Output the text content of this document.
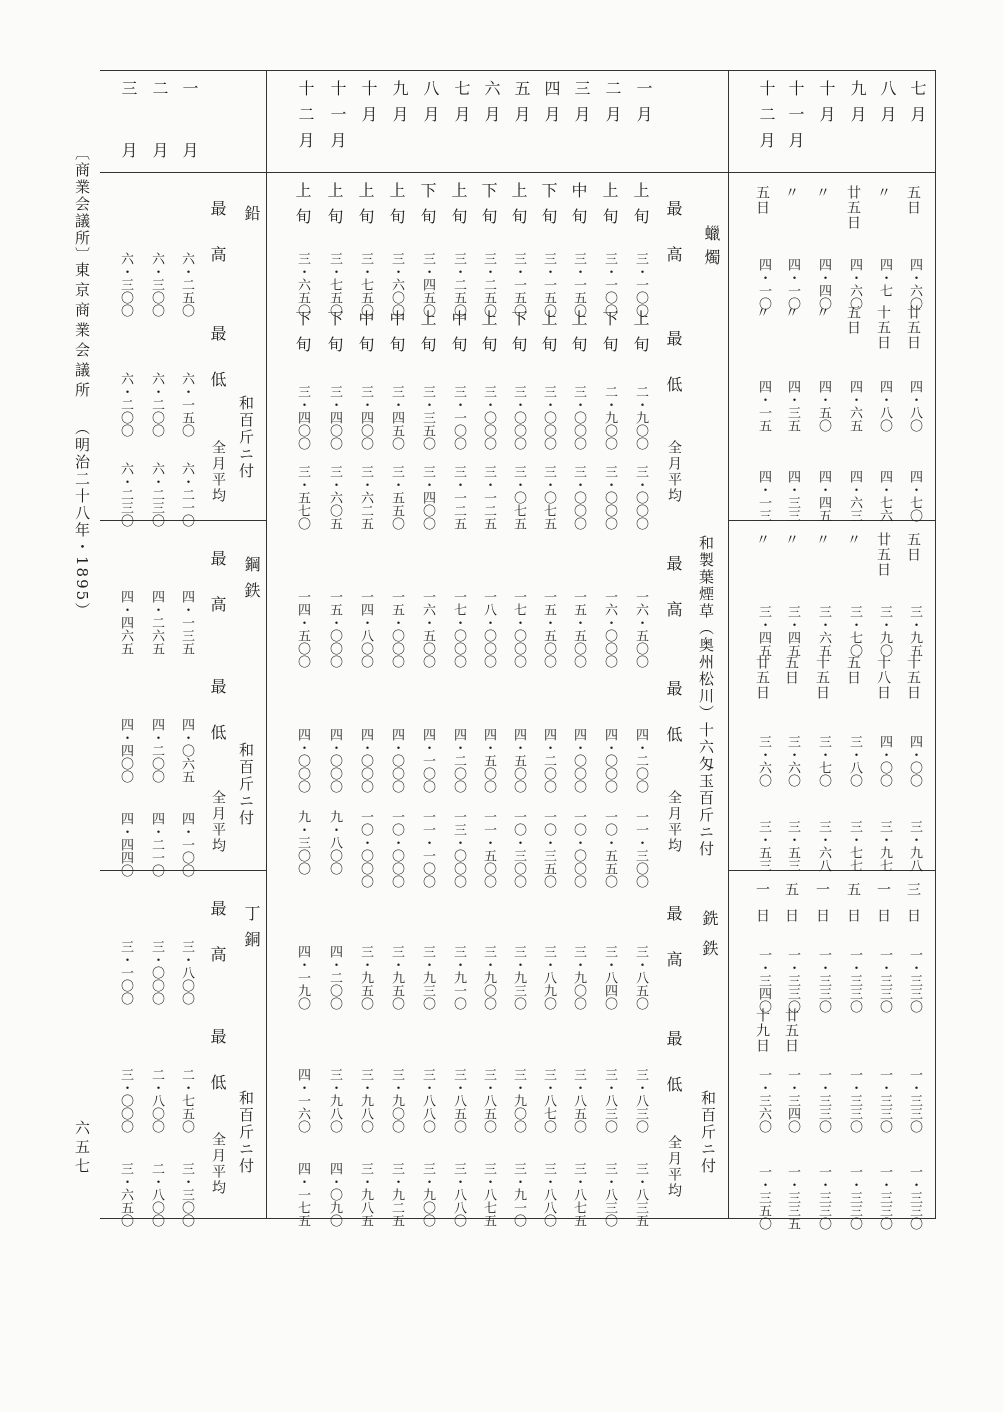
〔商業会議所〕
東京商業会議所
（明治二十八年・1895）
六五七
七月
五日
四・六〇
廿五日
四・八〇
四・七〇
五日
三・九五
十五日
四・〇〇
三・九八
三日
一・三三〇
一・三三〇
一・三三〇
八月
〃
四・七
十五日
四・八〇
四・七六
廿五日
三・九〇
十八日
四・〇〇
三・九七
一日
一・三三〇
一・三三〇
一・三三〇
九月
廿五日
四・六〇
五日
四・六五
四・六三
〃
三・七〇
五日
三・八〇
三・七七
五日
一・三三〇
一・三三〇
一・三三〇
十月
〃
四・四〇
〃
四・五〇
四・四五
〃
三・六五
十五日
三・七〇
三・六八
一日
一・三三〇
一・三三〇
一・三三〇
十一月
〃
四・一〇
〃
四・三五
四・三三
〃
三・四五
五日
三・六〇
三・五三
五日
一・三三〇
廿五日
一・三四〇
一・三三五
十二月
五日
四・一〇
〃
四・一五
四・一三
〃
三・四五
廿五日
三・六〇
三・五三
一日
一・三四〇
十九日
一・三六〇
一・三五〇
一月
上旬
三・一〇〇
上旬
二・九〇〇
三・〇〇〇
一六・五〇〇
四・二〇〇
一一・三〇〇
三・八五〇
三・八三〇
三・八三五
二月
上旬
三・一〇〇
下旬
二・九〇〇
三・〇〇〇
一六・〇〇〇
四・〇〇〇
一〇・五五〇
三・八四〇
三・八三〇
三・八三〇
三月
中旬
三・一五〇
上旬
三・〇〇〇
三・〇〇〇
一五・五〇〇
四・〇〇〇
一〇・〇〇〇
三・九〇〇
三・八五〇
三・八七五
四月
下旬
三・一五〇
上旬
三・〇〇〇
三・〇七五
一五・五〇〇
四・二〇〇
一〇・三五〇
三・八九〇
三・八七〇
三・八八〇
五月
上旬
三・一五〇
下旬
三・〇〇〇
三・〇七五
一七・〇〇〇
四・五〇〇
一〇・三〇〇
三・九三〇
三・九〇〇
三・九一〇
六月
下旬
三・二五〇
上旬
三・〇〇〇
三・一二五
一八・〇〇〇
四・五〇〇
一一・五〇〇
三・九〇〇
三・八五〇
三・八七五
七月
上旬
三・二五〇
中旬
三・一〇〇
三・一二五
一七・〇〇〇
四・二〇〇
一三・〇〇〇
三・九一〇
三・八五〇
三・八八〇
八月
下旬
三・四五〇
上旬
三・三五〇
三・四〇〇
一六・五〇〇
四・一〇〇
一一・一〇〇
三・九三〇
三・八八〇
三・九〇〇
九月
上旬
三・六〇〇
中旬
三・四五〇
三・五五〇
一五・〇〇〇
四・〇〇〇
一〇・〇〇〇
三・九五〇
三・九〇〇
三・九二五
十月
上旬
三・七五〇
中旬
三・四〇〇
三・六二五
一四・八〇〇
四・〇〇〇
一〇・〇〇〇
三・九五〇
三・九八〇
三・九八五
十一月
上旬
三・七五〇
下旬
三・四〇〇
三・六〇五
一五・〇〇〇
四・〇〇〇
九・八〇〇
四・二〇〇
三・九八〇
四・〇九〇
十二月
上旬
三・六五〇
下旬
三・四〇〇
三・五七〇
一四・五〇〇
四・〇〇〇
九・三〇〇
四・一九〇
四・一六〇
四・一七五
蠟燭
最高
最低
全月平均
和製葉煙草（奥州松川）十六匁玉百斤ニ付
最高
最低
全月平均
銑鉄
和百斤ニ付
最高
最低
全月平均
一月
六・二五〇
六・一五〇
六・二一〇
四・一三五
四・〇六五
四・一〇〇
三・八〇〇
二・七五〇
三・三〇〇
二月
六・三〇〇
六・二〇〇
六・二三〇
四・二六五
四・二〇〇
四・二一〇
三・〇〇〇
二・八〇〇
二・八〇〇
三月
六・三〇〇
六・二〇〇
六・二三〇
四・四六五
四・四〇〇
四・四四〇
三・一〇〇
三・〇〇〇
三・六五〇
鉛
和百斤ニ付
最高
最低
全月平均
鋼鉄
和百斤ニ付
最高
最低
全月平均
丁銅
和百斤ニ付
最高
最低
全月平均
